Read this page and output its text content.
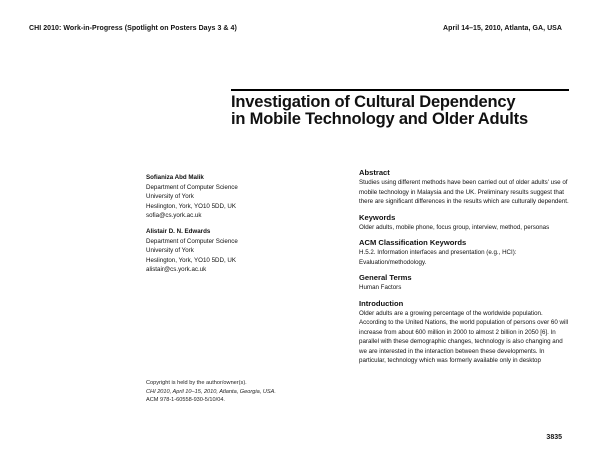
CHI 2010: Work-in-Progress (Spotlight on Posters Days 3 & 4)	April 14–15, 2010, Atlanta, GA, USA
Investigation of Cultural Dependency
in Mobile Technology and Older Adults
Sofianiza Abd Malik
Department of Computer Science
University of York
Heslington, York, YO10 5DD, UK
sofia@cs.york.ac.uk
Alistair D. N. Edwards
Department of Computer Science
University of York
Heslington, York, YO10 5DD, UK
alistair@cs.york.ac.uk
Copyright is held by the author/owner(s).
CHI 2010, April 10–15, 2010, Atlanta, Georgia, USA.
ACM 978-1-60558-930-5/10/04.
Abstract
Studies using different methods have been carried out of older adults' use of mobile technology in Malaysia and the UK. Preliminary results suggest that there are significant differences in the results which are culturally dependent.
Keywords
Older adults, mobile phone, focus group, interview, method, personas
ACM Classification Keywords
H.5.2. Information interfaces and presentation (e.g., HCI): Evaluation/methodology.
General Terms
Human Factors
Introduction
Older adults are a growing percentage of the worldwide population. According to the United Nations, the world population of persons over 60 will increase from about 600 million in 2000 to almost 2 billion in 2050 [6]. In parallel with these demographic changes, technology is also changing and we are interested in the interaction between these developments. In particular, technology which was formerly available only in desktop
3835
